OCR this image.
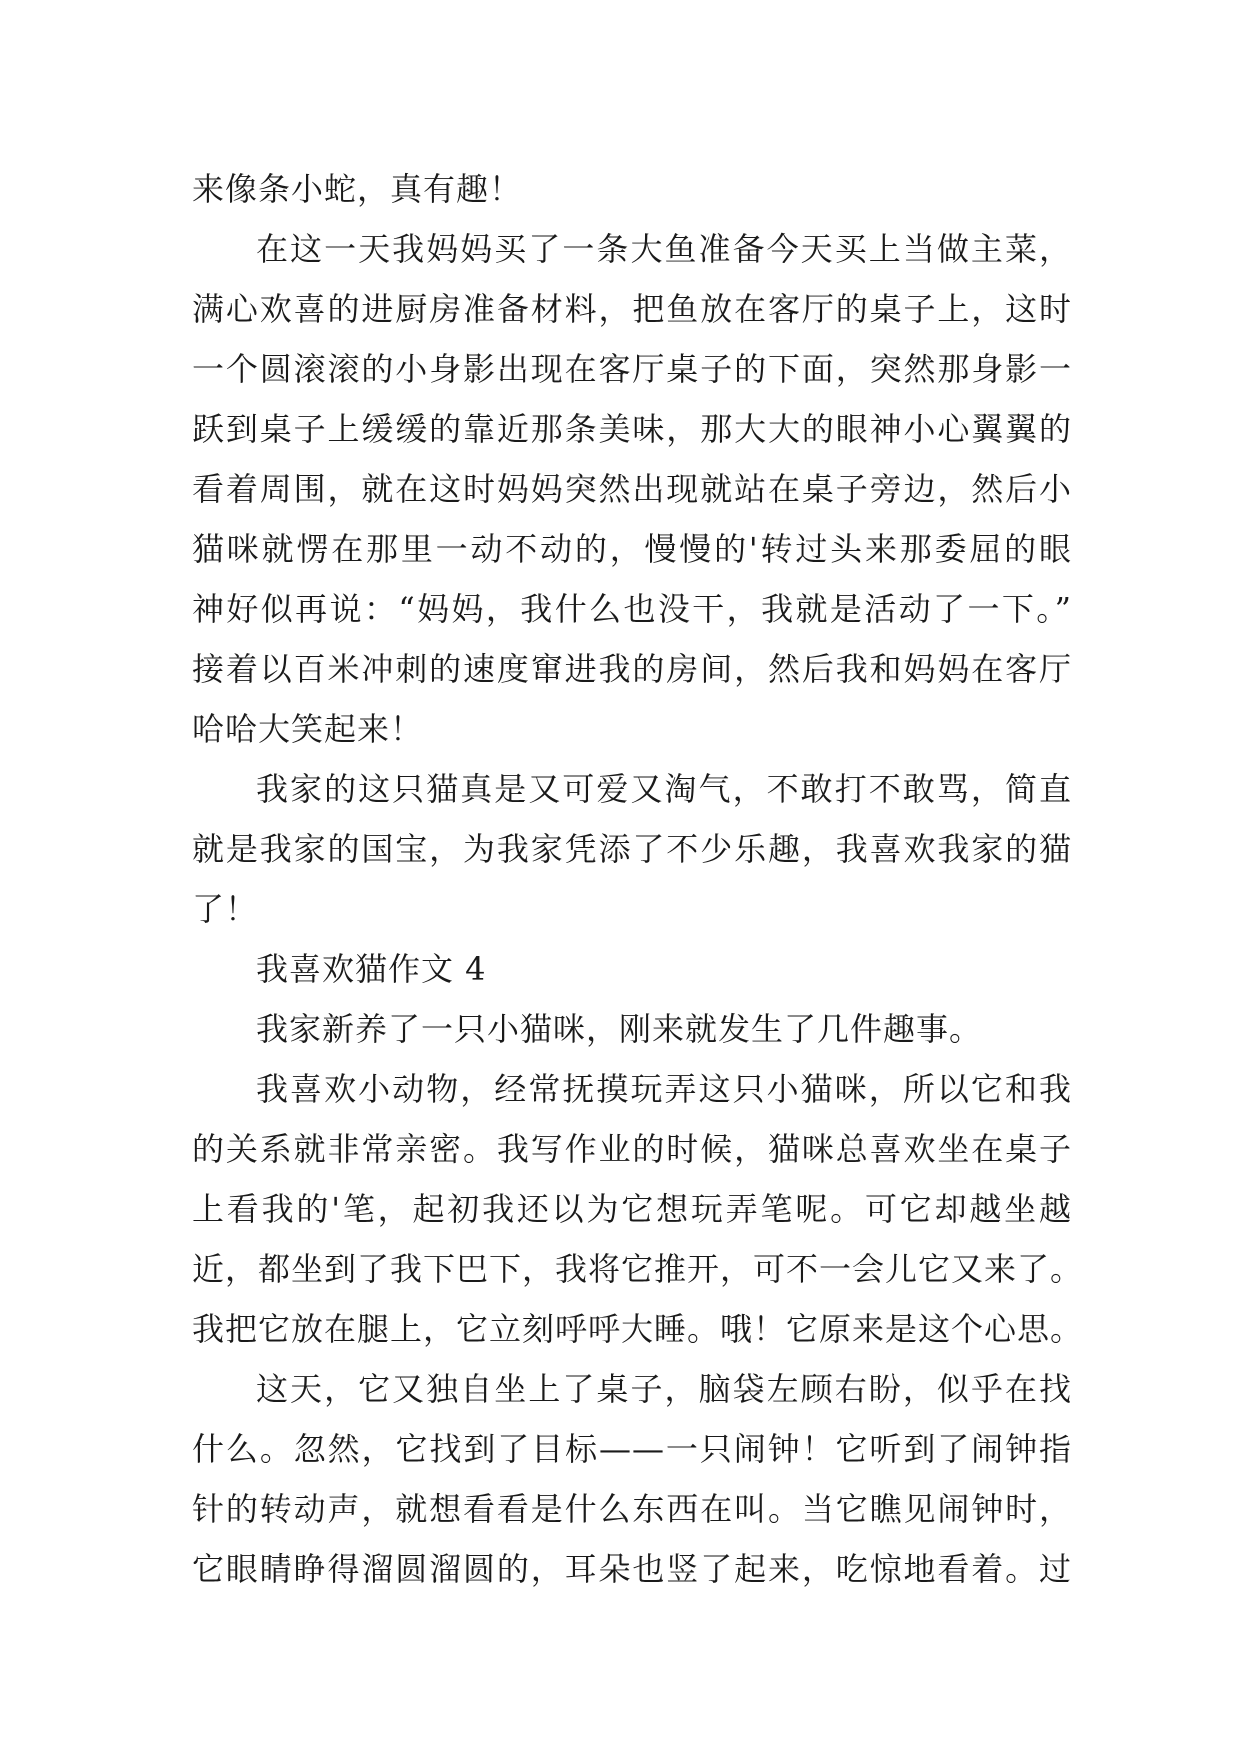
来像条小蛇，真有趣！
在这一天我妈妈买了一条大鱼准备今天买上当做主菜，
满心欢喜的进厨房准备材料，把鱼放在客厅的桌子上，这时
一个圆滚滚的小身影出现在客厅桌子的下面，突然那身影一
跃到桌子上缓缓的靠近那条美味，那大大的眼神小心翼翼的
看着周围，就在这时妈妈突然出现就站在桌子旁边，然后小
猫咪就愣在那里一动不动的，慢慢的'转过头来那委屈的眼
神好似再说：“妈妈，我什么也没干，我就是活动了一下。”
接着以百米冲刺的速度窜进我的房间，然后我和妈妈在客厅
哈哈大笑起来！
我家的这只猫真是又可爱又淘气，不敢打不敢骂，简直
就是我家的国宝，为我家凭添了不少乐趣，我喜欢我家的猫
了！
我喜欢猫作文 4
我家新养了一只小猫咪，刚来就发生了几件趣事。
我喜欢小动物，经常抚摸玩弄这只小猫咪，所以它和我
的关系就非常亲密。我写作业的时候，猫咪总喜欢坐在桌子
上看我的'笔，起初我还以为它想玩弄笔呢。可它却越坐越
近，都坐到了我下巴下，我将它推开，可不一会儿它又来了。
我把它放在腿上，它立刻呼呼大睡。哦！它原来是这个心思。
这天，它又独自坐上了桌子，脑袋左顾右盼，似乎在找
什么。忽然，它找到了目标——一只闹钟！它听到了闹钟指
针的转动声，就想看看是什么东西在叫。当它瞧见闹钟时，
它眼睛睁得溜圆溜圆的，耳朵也竖了起来，吃惊地看着。过
